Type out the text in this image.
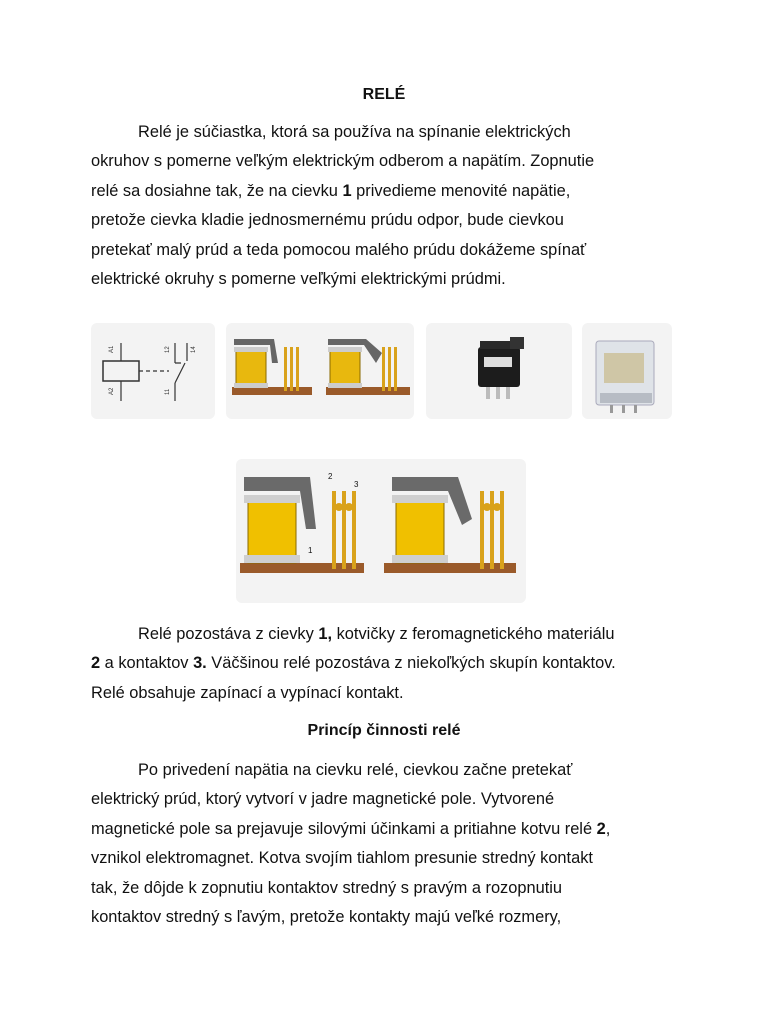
RELÉ
Relé je súčiastka, ktorá sa používa na spínanie elektrických
okruhov s pomerne veľkým elektrickým odberom a napätím. Zopnutie
relé sa dosiahne tak, že na cievku 1 privedieme menovité napätie,
pretože cievka kladie jednosmernému prúdu odpor, bude cievkou
pretekať malý prúd a teda pomocou malého prúdu dokážeme spínať
elektrické okruhy s pomerne veľkými elektrickými prúdmi.
A1
A2
12	14
11
2
3
1
Relé pozostáva z cievky 1, kotvičky z feromagnetického materiálu
2 a kontaktov 3. Väčšinou relé pozostáva z niekoľkých skupín kontaktov.
Relé obsahuje zapínací a vypínací kontakt.
Princíp činnosti relé
Po privedení napätia na cievku relé, cievkou začne pretekať
elektrický prúd, ktorý vytvorí v jadre magnetické pole. Vytvorené
magnetické pole sa prejavuje silovými účinkami a pritiahne kotvu relé 2,
vznikol elektromagnet. Kotva svojím tiahlom presunie stredný kontakt
tak, že dôjde k zopnutiu kontaktov stredný s pravým a rozopnutiu
kontaktov stredný s ľavým, pretože kontakty majú veľké rozmery,
